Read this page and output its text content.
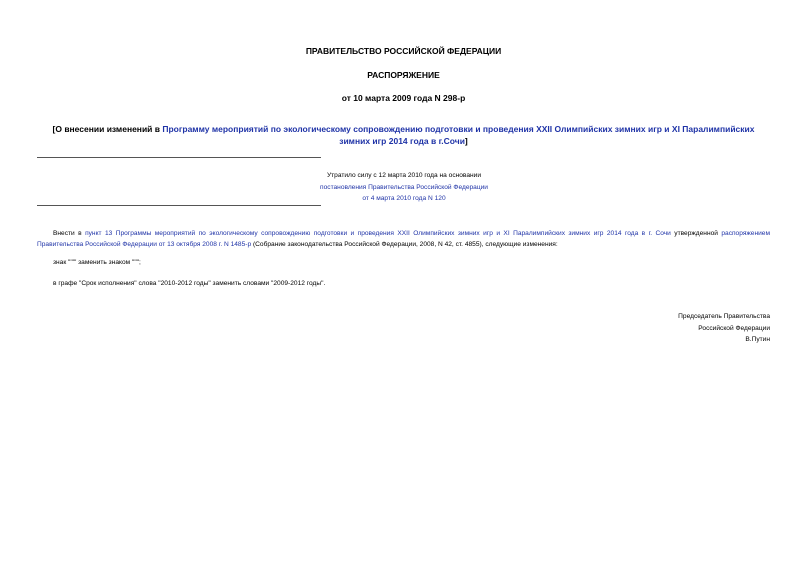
ПРАВИТЕЛЬСТВО РОССИЙСКОЙ ФЕДЕРАЦИИ
РАСПОРЯЖЕНИЕ
от 10 марта 2009 года N 298-р
[О внесении изменений в Программу мероприятий по экологическому сопровождению подготовки и проведения XXII Олимпийских зимних игр и XI Паралимпийских зимних игр 2014 года в г.Сочи]
Утратило силу с 12 марта 2010 года на основании
постановления Правительства Российской Федерации
от 4 марта 2010 года N 120
Внести в пункт 13 Программы мероприятий по экологическому сопровождению подготовки и проведения XXII Олимпийских зимних игр и XI Паралимпийских зимних игр 2014 года в г. Сочи утвержденной распоряжением Правительства Российской Федерации от 13 октября 2008 г. N 1485-р (Собрание законодательства Российской Федерации, 2008, N 42, ст. 4855), следующие изменения:
знак "'"" заменить знаком """;
в графе "Срок исполнения" слова "2010-2012 годы" заменить словами "2009-2012 годы".
Председатель Правительства
Российской Федерации
В.Путин
